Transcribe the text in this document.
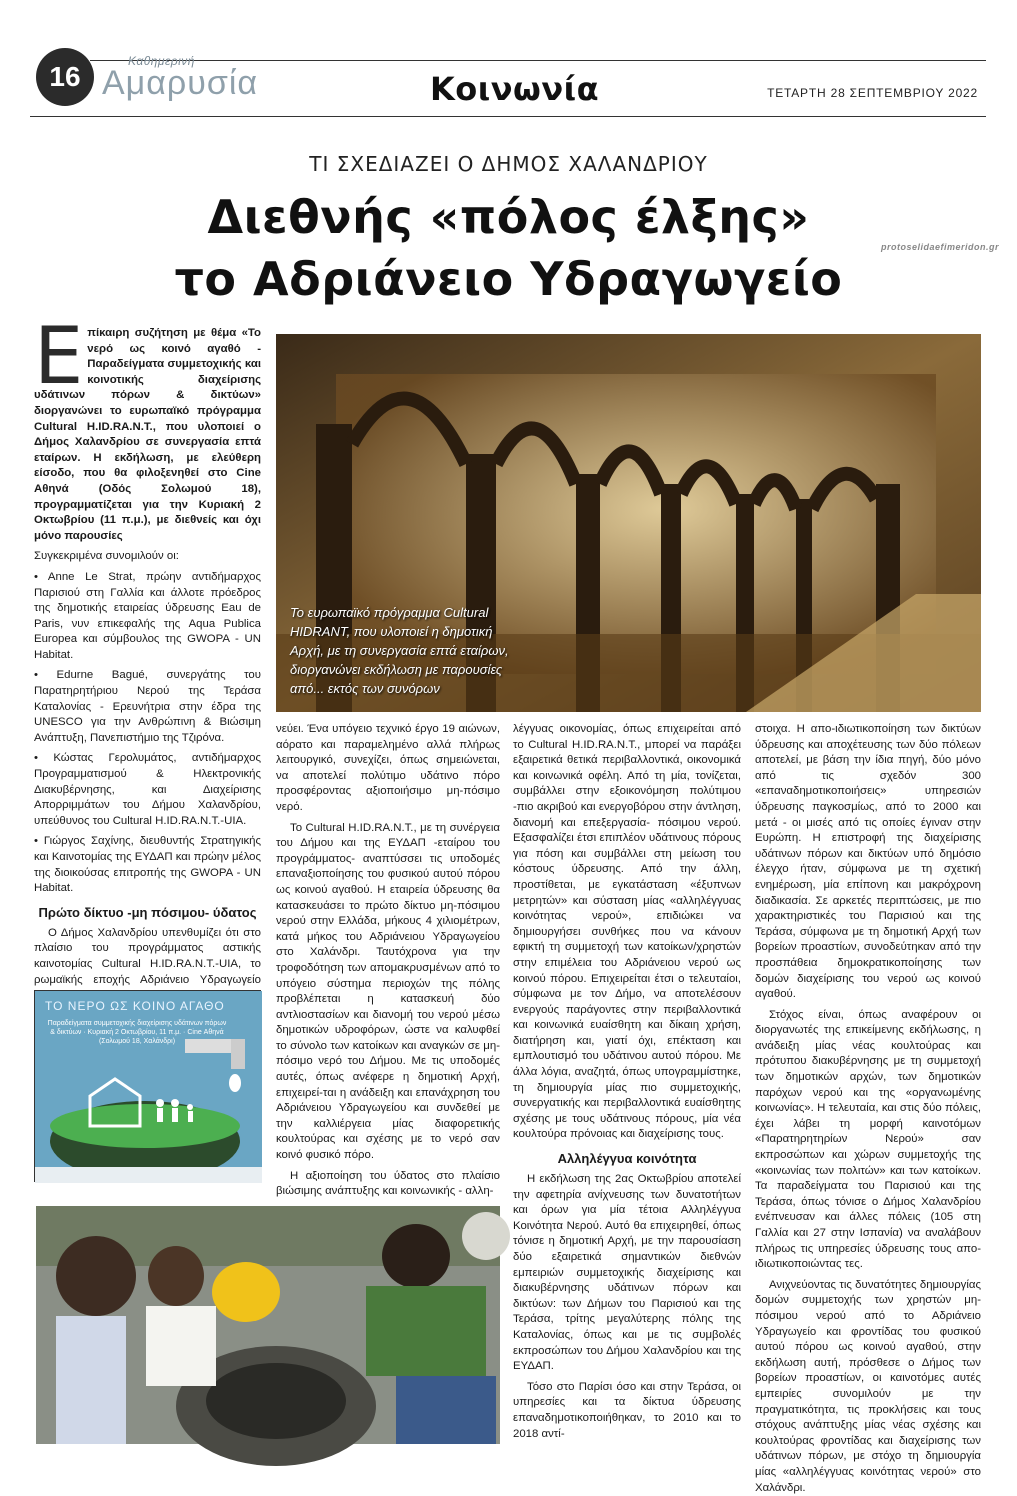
16	Καθημερινή
Αμαρυσία	Κοινωνία	ΤΕΤΑΡΤΗ 28 ΣΕΠΤΕΜΒΡΙΟΥ 2022
ΤΙ ΣΧΕΔΙΑΖΕΙ Ο ΔΗΜΟΣ ΧΑΛΑΝΔΡΙΟΥ
Διεθνής «πόλος έλξης»
το Αδριάνειο Υδραγωγείο
protoselidaefimeridon.gr

Επίκαιρη συζήτηση με θέμα «Το νερό ως κοινό αγαθό - Παραδείγματα συμμετοχικής και κοινοτικής διαχείρισης υδάτινων πόρων & δικτύων» διοργανώνει το ευρωπαϊκό πρόγραμμα Cultural H.ID.RA.N.T., που υλοποιεί ο Δήμος Χαλανδρίου σε συνεργασία επτά εταίρων. Η εκδήλωση, με ελεύθερη είσοδο, που θα φιλοξενηθεί στο Cine Αθηνά (Οδός Σολωμού 18), προγραμματίζεται για την Κυριακή 2 Οκτωβρίου (11 π.μ.), με διεθνείς και όχι μόνο παρουσίες

Συγκεκριμένα συνομιλούν οι:

• Anne Le Strat, πρώην αντιδήμαρχος Παρισιού στη Γαλλία και άλλοτε πρόεδρος της δημοτικής εταιρείας ύδρευσης Eau de Paris, νυν επικεφαλής της Aqua Publica Europea και σύμβουλος της GWOPA - UN Habitat.

• Edurne Bagué, συνεργάτης του Παρατηρητήριου Νερού της Τεράσα Καταλονίας - Ερευνήτρια στην έδρα της UNESCO για την Ανθρώπινη & Βιώσιμη Ανάπτυξη, Πανεπιστήμιο της Τζιρόνα.

• Κώστας Γερολυμάτος, αντιδήμαρχος Προγραμματισμού & Ηλεκτρονικής Διακυβέρνησης, και Διαχείρισης Απορριμμάτων του Δήμου Χαλανδρίου, υπεύθυνος του Cultural H.ID.RA.N.T.-UIA.

• Γιώργος Σαχίνης, διευθυντής Στρατηγικής και Καινοτομίας της ΕΥΔΑΠ και πρώην μέλος της διοικούσας επιτροπής της GWOPA - UN Habitat.

Πρώτο δίκτυο -μη πόσιμου- ύδατος

Ο Δήμος Χαλανδρίου υπενθυμίζει ότι στο πλαίσιο του προγράμματος αστικής καινοτομίας Cultural H.ID.RA.N.T.-UIA, το ρωμαϊκής εποχής Αδριάνειο Υδραγωγείο

ΤΟ ΝΕΡΟ ΩΣ ΚΟΙΝΟ ΑΓΑΘΟ
Παραδείγματα συμμετοχικής διαχείρισης υδάτινων πόρων & δικτύων · Κυριακή 2 Οκτωβρίου, 11 π.μ. · Cine Αθηνά (Σολωμού 18, Χαλάνδρι)
Το ευρωπαϊκό πρόγραμμα Cultural HIDRANT, που υλοποιεί η δημοτική Αρχή, με τη συνεργασία επτά εταίρων, διοργανώνει εκδήλωση με παρουσίες από... εκτός των συνόρων

νεύει. Ένα υπόγειο τεχνικό έργο 19 αιώνων, αόρατο και παραμελημένο αλλά πλήρως λειτουργικό, συνεχίζει, όπως σημειώνεται, να αποτελεί πολύτιμο υδάτινο πόρο προσφέροντας αξιοποιήσιμο μη-πόσιμο νερό.

Το Cultural H.ID.RA.N.T., με τη συνέργεια του Δήμου και της ΕΥΔΑΠ -εταίρου του προγράμματος- αναπτύσσει τις υποδομές επαναξιοποίησης του φυσικού αυτού πόρου ως κοινού αγαθού. Η εταιρεία ύδρευσης θα κατασκευάσει το πρώτο δίκτυο μη-πόσιμου νερού στην Ελλάδα, μήκους 4 χιλιομέτρων, κατά μήκος του Αδριάνειου Υδραγωγείου στο Χαλάνδρι. Ταυτόχρονα για την τροφοδότηση των απομακρυσμένων από το υπόγειο σύστημα περιοχών της πόλης προβλέπεται η κατασκευή δύο αντλιοστασίων και διανομή του νερού μέσω δημοτικών υδροφόρων, ώστε να καλυφθεί το σύνολο των κατοίκων και αναγκών σε μη-πόσιμο νερό του Δήμου. Με τις υποδομές αυτές, όπως ανέφερε η δημοτική Αρχή, επιχειρεί-ται η ανάδειξη και επανάχρηση του Αδριάνειου Υδραγωγείου και συνδεθεί με την καλλιέργεια μίας διαφορετικής κουλτούρας και σχέσης με το νερό σαν κοινό φυσικό πόρο.

Η αξιοποίηση του ύδατος στο πλαίσιο βιώσιμης ανάπτυξης και κοινωνικής - αλλη-

λέγγυας οικονομίας, όπως επιχειρείται από το Cultural H.ID.RA.N.T., μπορεί να παράξει εξαιρετικά θετικά περιβαλλοντικά, οικονομικά και κοινωνικά οφέλη. Από τη μία, τονίζεται, συμβάλλει στην εξοικονόμηση πολύτιμου -πιο ακριβού και ενεργοβόρου στην άντληση, διανομή και επεξεργασία- πόσιμου νερού. Εξασφαλίζει έτσι επιπλέον υδάτινους πόρους για πόση και συμβάλλει στη μείωση του κόστους ύδρευσης. Από την άλλη, προστίθεται, με εγκατάσταση «έξυπνων μετρητών» και σύσταση μίας «αλληλέγγυας κοινότητας νερού», επιδιώκει να δημιουργήσει συνθήκες που να κάνουν εφικτή τη συμμετοχή των κατοίκων/χρηστών στην επιμέλεια του Αδριάνειου νερού ως κοινού πόρου. Επιχειρείται έτσι ο τελευταίοι, σύμφωνα με τον Δήμο, να αποτελέσουν ενεργούς παράγοντες στην περιβαλλοντικά και κοινωνικά ευαίσθητη και δίκαιη χρήση, διατήρηση και, γιατί όχι, επέκταση και εμπλουτισμό του υδάτινου αυτού πόρου. Με άλλα λόγια, αναζητά, όπως υπογραμμίστηκε, τη δημιουργία μίας πιο συμμετοχικής, συνεργατικής και περιβαλλοντικά ευαίσθητης σχέσης με τους υδάτινους πόρους, μία νέα κουλτούρα πρόνοιας και διαχείρισης τους.

Αλληλέγγυα κοινότητα

Η εκδήλωση της 2ας Οκτωβρίου αποτελεί την αφετηρία ανίχνευσης των δυνατοτήτων και όρων για μία τέτοια Αλληλέγγυα Κοινότητα Νερού. Αυτό θα επιχειρηθεί, όπως τόνισε η δημοτική Αρχή, με την παρουσίαση δύο εξαιρετικά σημαντικών διεθνών εμπειριών συμμετοχικής διαχείρισης και διακυβέρνησης υδάτινων πόρων και δικτύων: των Δήμων του Παρισιού και της Τεράσα, τρίτης μεγαλύτερης πόλης της Καταλονίας, όπως και με τις συμβολές εκπροσώπων του Δήμου Χαλανδρίου και της ΕΥΔΑΠ.

Τόσο στο Παρίσι όσο και στην Τεράσα, οι υπηρεσίες και τα δίκτυα ύδρευσης επαναδημοτικοποιήθηκαν, το 2010 και το 2018 αντί-

στοιχα. Η απο-ιδιωτικοποίηση των δικτύων ύδρευσης και αποχέτευσης των δύο πόλεων αποτελεί, με βάση την ίδια πηγή, δύο μόνο από τις σχεδόν 300 «επαναδημοτικοποιήσεις» υπηρεσιών ύδρευσης παγκοσμίως, από το 2000 και μετά - οι μισές από τις οποίες έγιναν στην Ευρώπη. Η επιστροφή της διαχείρισης υδάτινων πόρων και δικτύων υπό δημόσιο έλεγχο ήταν, σύμφωνα με τη σχετική ενημέρωση, μία επίπονη και μακρόχρονη διαδικασία. Σε αρκετές περιπτώσεις, με πιο χαρακτηριστικές του Παρισιού και της Τεράσα, σύμφωνα με τη δημοτική Αρχή των βορείων προαστίων, συνοδεύτηκαν από την προσπάθεια δημοκρατικοποίησης των δομών διαχείρισης του νερού ως κοινού αγαθού.

Στόχος είναι, όπως αναφέρουν οι διοργανωτές της επικείμενης εκδήλωσης, η ανάδειξη μίας νέας κουλτούρας και πρότυπου διακυβέρνησης με τη συμμετοχή των δημοτικών αρχών, των δημοτικών παρόχων νερού και της «οργανωμένης κοινωνίας». Η τελευταία, και στις δύο πόλεις, έχει λάβει τη μορφή καινοτόμων «Παρατηρητηρίων Νερού» σαν εκπροσώπων και χώρων συμμετοχής της «κοινωνίας των πολιτών» και των κατοίκων. Τα παραδείγματα του Παρισιού και της Τεράσα, όπως τόνισε ο Δήμος Χαλανδρίου ενέπνευσαν και άλλες πόλεις (105 στη Γαλλία και 27 στην Ισπανία) να αναλάβουν πλήρως τις υπηρεσίες ύδρευσης τους απο-ιδιωτικοποιώντας τες.

Ανιχνεύοντας τις δυνατότητες δημιουργίας δομών συμμετοχής των χρηστών μη-πόσιμου νερού από το Αδριάνειο Υδραγωγείο και φροντίδας του φυσικού αυτού πόρου ως κοινού αγαθού, στην εκδήλωση αυτή, πρόσθεσε ο Δήμος των βορείων προαστίων, οι καινοτόμες αυτές εμπειρίες συνομιλούν με την πραγματικότητα, τις προκλήσεις και τους στόχους ανάπτυξης μίας νέας σχέσης και κουλτούρας φροντίδας και διαχείρισης των υδάτινων πόρων, με στόχο τη δημιουργία μίας «αλληλέγγυας κοινότητας νερού» στο Χαλάνδρι.
